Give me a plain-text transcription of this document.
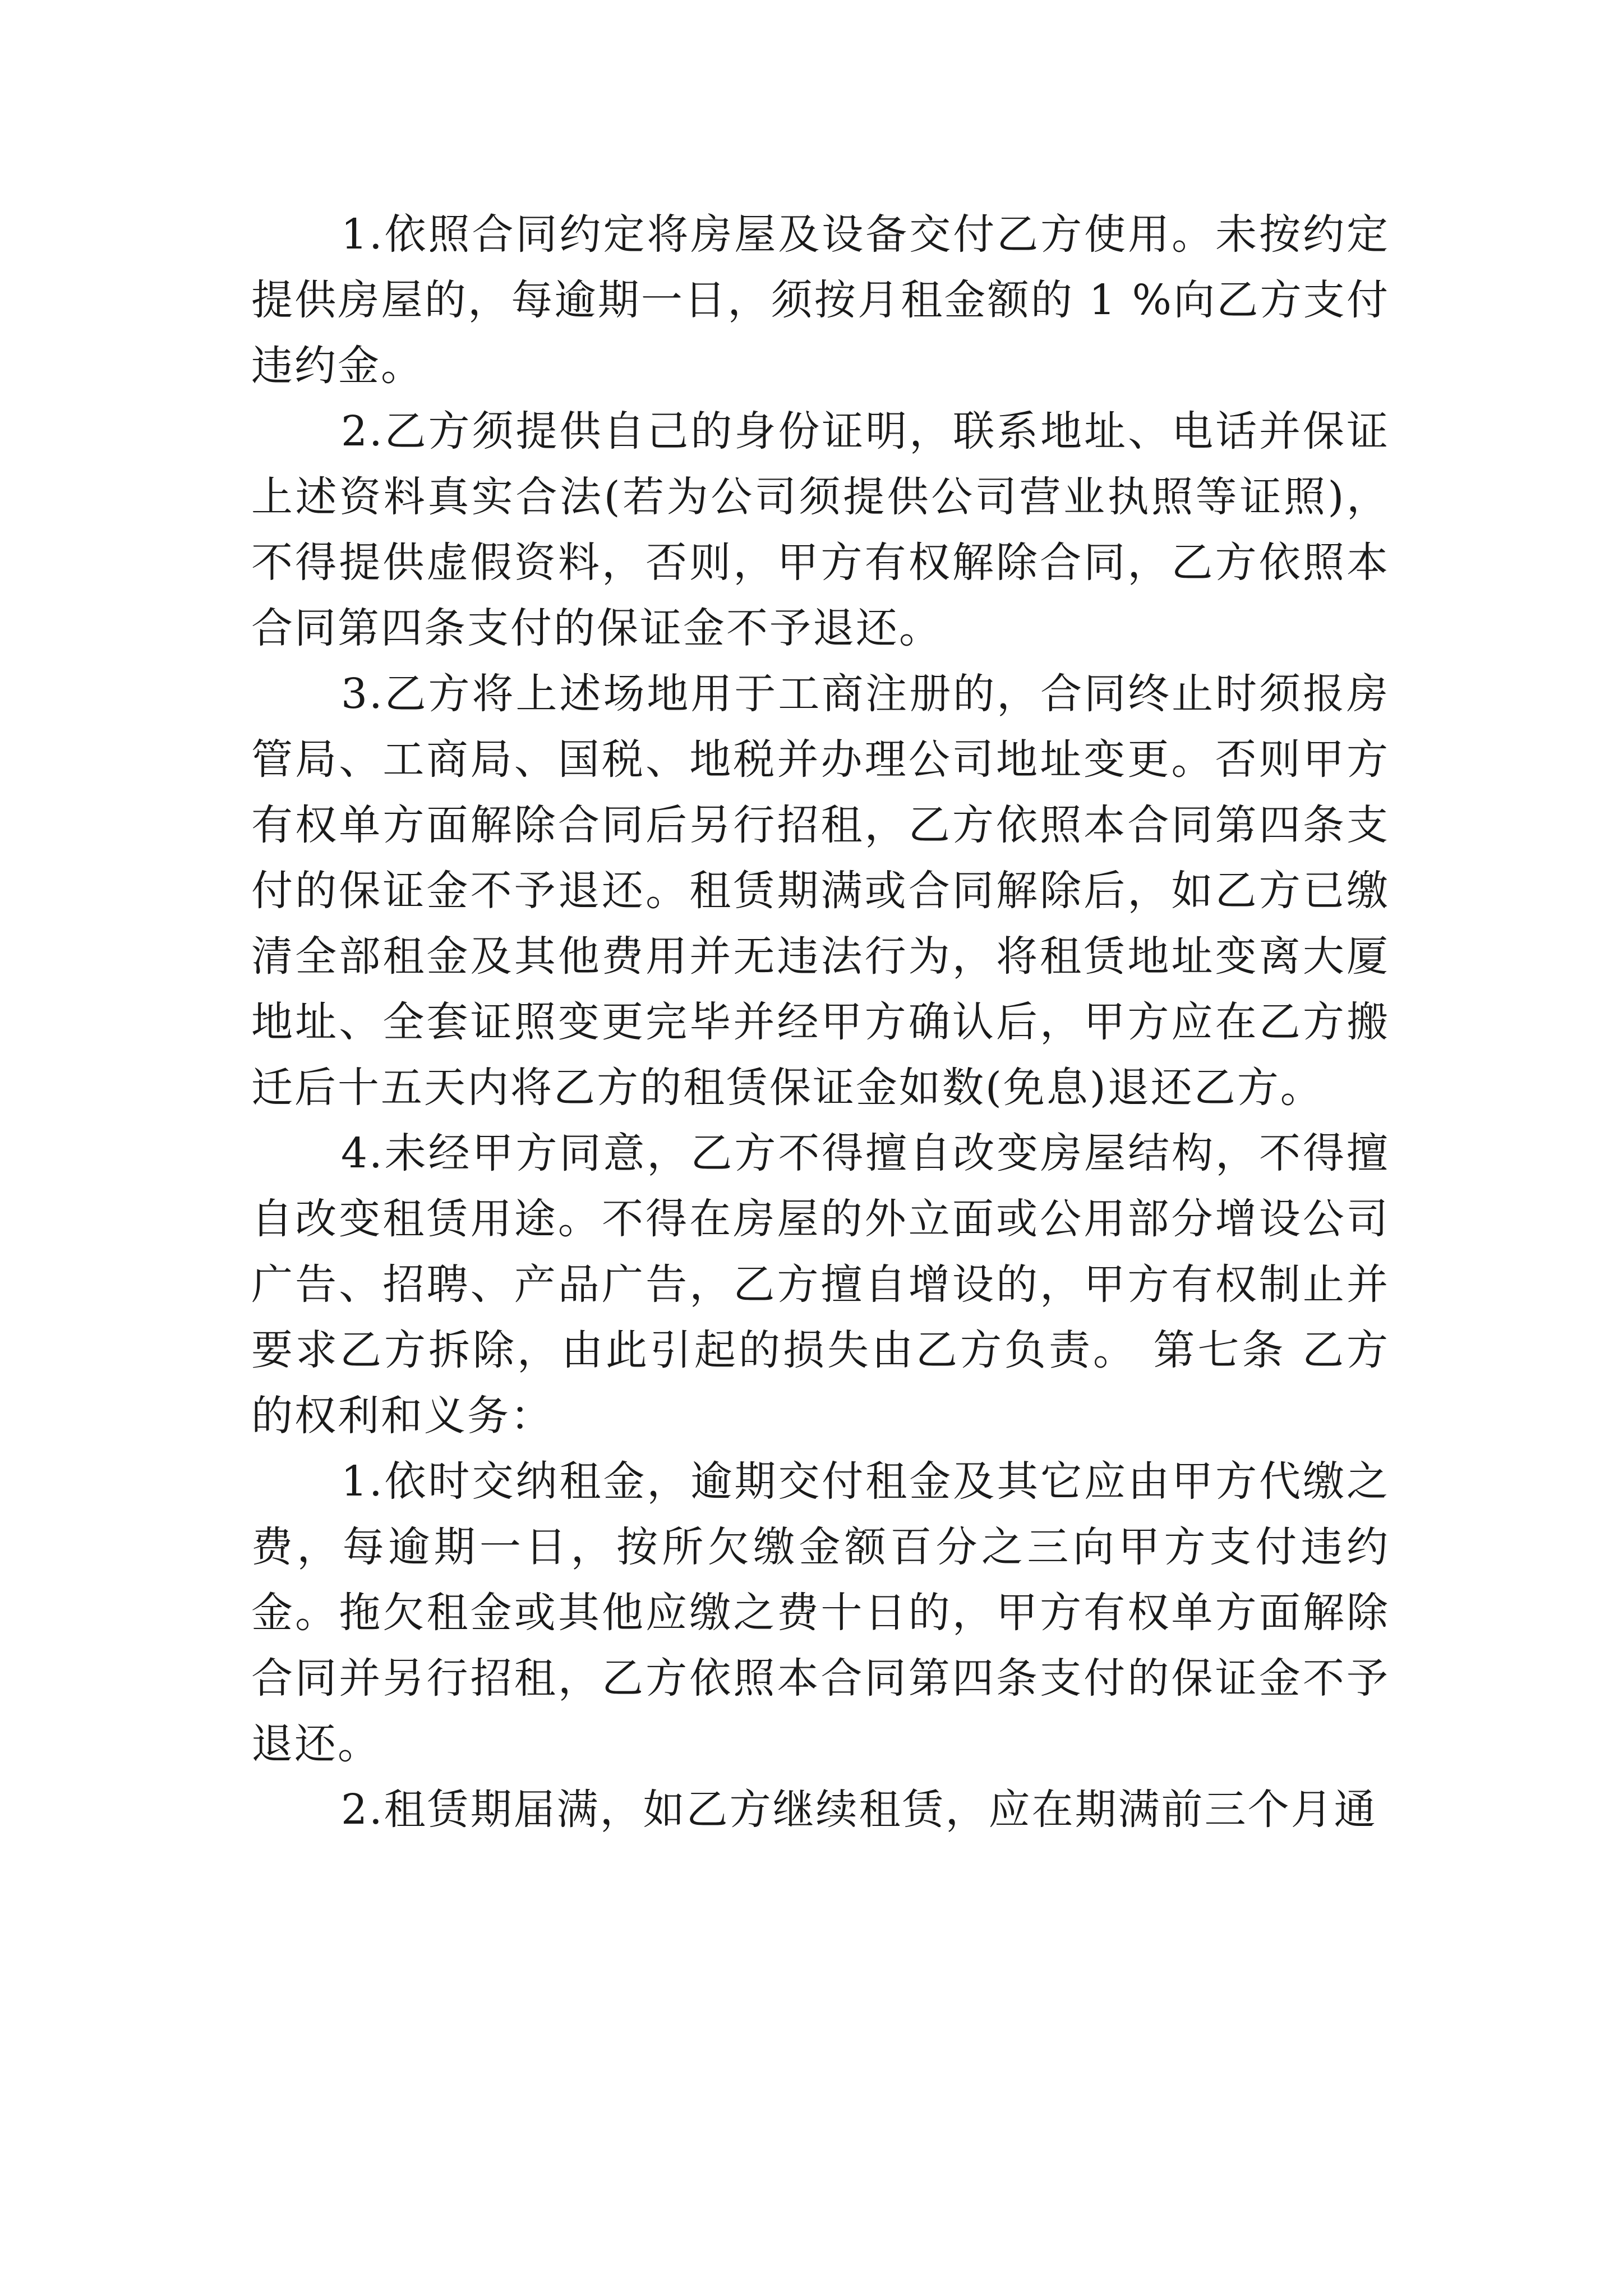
1.依照合同约定将房屋及设备交付乙方使用。未按约定提供房屋的，每逾期一日，须按月租金额的 1 %向乙方支付违约金。

2.乙方须提供自己的身份证明，联系地址、电话并保证上述资料真实合法(若为公司须提供公司营业执照等证照)，不得提供虚假资料，否则，甲方有权解除合同，乙方依照本合同第四条支付的保证金不予退还。

3.乙方将上述场地用于工商注册的，合同终止时须报房管局、工商局、国税、地税并办理公司地址变更。否则甲方有权单方面解除合同后另行招租，乙方依照本合同第四条支付的保证金不予退还。租赁期满或合同解除后，如乙方已缴清全部租金及其他费用并无违法行为，将租赁地址变离大厦地址、全套证照变更完毕并经甲方确认后，甲方应在乙方搬迁后十五天内将乙方的租赁保证金如数(免息)退还乙方。

4.未经甲方同意，乙方不得擅自改变房屋结构，不得擅自改变租赁用途。不得在房屋的外立面或公用部分增设公司广告、招聘、产品广告，乙方擅自增设的，甲方有权制止并要求乙方拆除，由此引起的损失由乙方负责。 第七条 乙方的权利和义务：

1.依时交纳租金，逾期交付租金及其它应由甲方代缴之费，每逾期一日，按所欠缴金额百分之三向甲方支付违约金。拖欠租金或其他应缴之费十日的，甲方有权单方面解除合同并另行招租，乙方依照本合同第四条支付的保证金不予退还。

2.租赁期届满，如乙方继续租赁，应在期满前三个月通
